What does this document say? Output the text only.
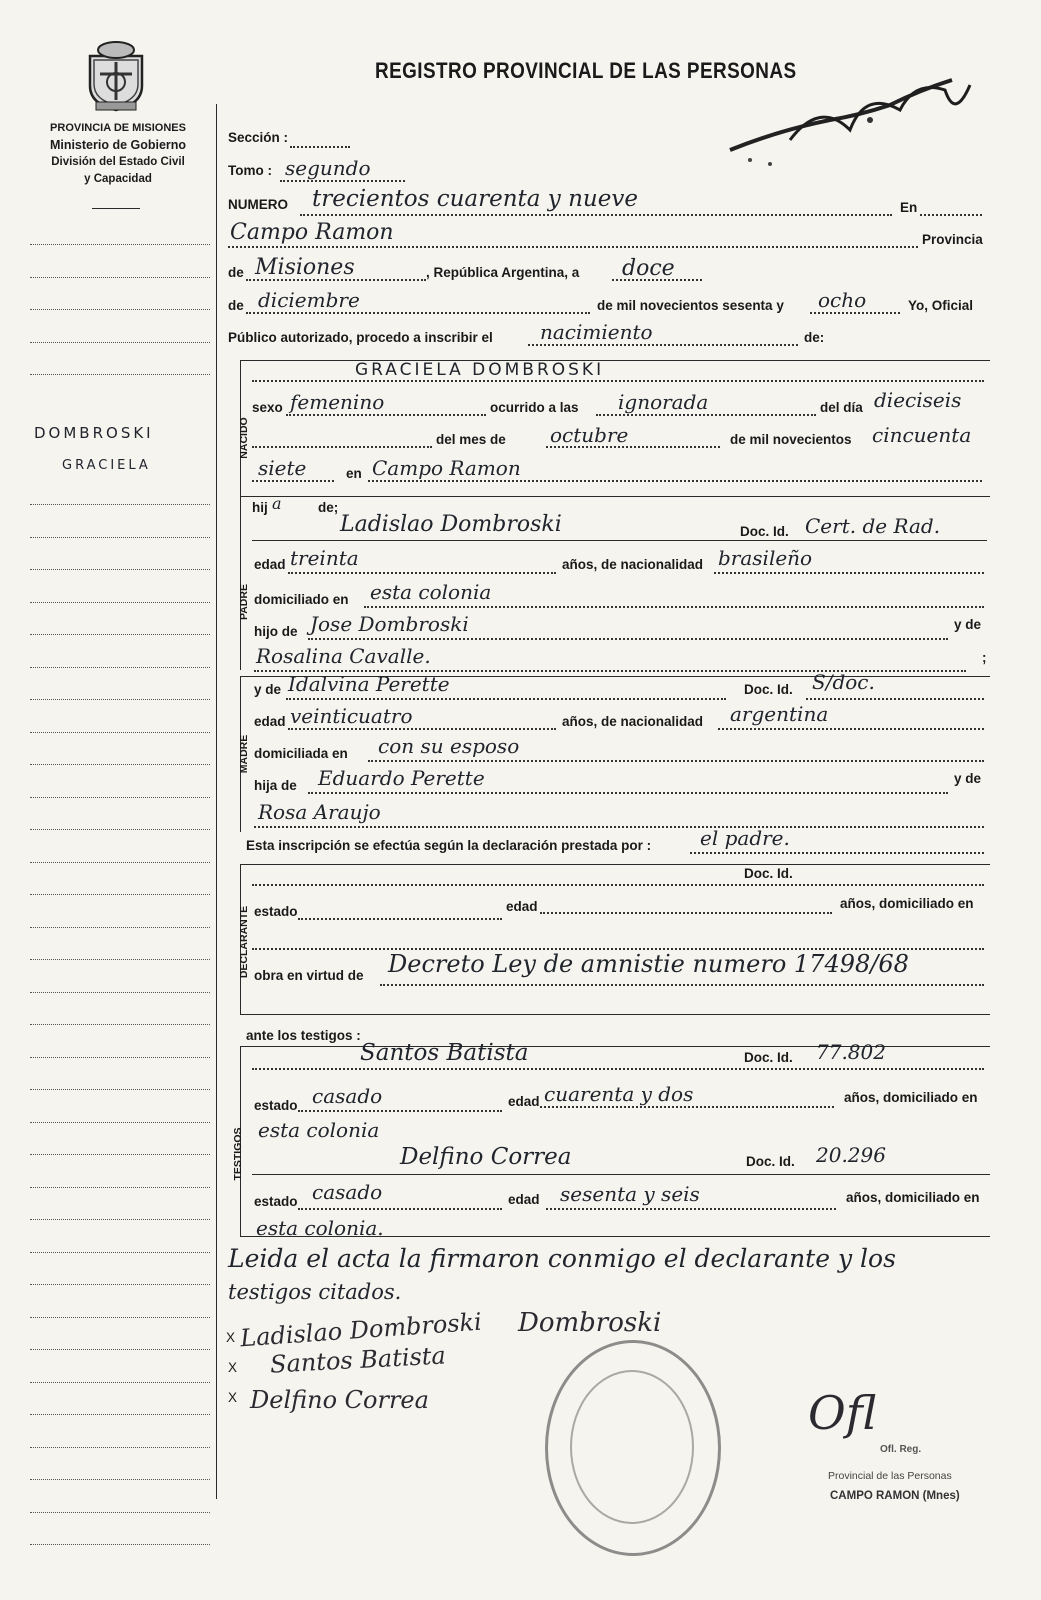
PROVINCIA DE MISIONES
Ministerio de Gobierno
División del Estado Civil
y Capacidad
REGISTRO PROVINCIAL DE LAS PERSONAS
DOMBROSKI
GRACIELA
Sección :
Tomo : segundo
NUMERO trecientos cuarenta y nueve	En
Campo Ramon	Provincia
de Misiones	, República Argentina, a doce
de diciembre	de mil novecientos sesenta y ocho	Yo, Oficial
Público autorizado, procedo a inscribir el nacimiento	de:
GRACIELA DOMBROSKI
NACIDO
sexo femenino	ocurrido a las ignorada	del día dieciseis
del mes de octubre	de mil novecientos cincuenta
siete	en Campo Ramon
hij a	de;
Ladislao Dombroski	Doc. Id. Cert. de Rad.
PADRE
edad treinta	años, de nacionalidad brasileño
domiciliado en esta colonia
hijo de Jose Dombroski	y de
Rosalina Cavalle.	;
y de Idalvina Perette	Doc. Id. S/doc.
MADRE
edad veinticuatro	años, de nacionalidad argentina
domiciliada en con su esposo
hija de Eduardo Perette	y de
Rosa Araujo
Esta inscripción se efectúa según la declaración prestada por : el padre.
Doc. Id.
DECLARANTE estado	edad	años, domiciliado en
obra en virtud de Decreto Ley de amnistie numero 17498/68
ante los testigos :
Santos Batista	Doc. Id. 77.802
TESTIGOS
estado casado	edad cuarenta y dos	años, domiciliado en
esta colonia
Delfino Correa	Doc. Id. 20.296
estado casado	edad sesenta y seis	años, domiciliado en
esta colonia.
Leida el acta la firmaron conmigo el declarante y los
testigos citados.
X Ladislao Dombroski Dombroski
X Santos Batista
X Delfino Correa	Ofl
Ofl. Reg.
Provincial de las Personas
CAMPO RAMON (Mnes)
